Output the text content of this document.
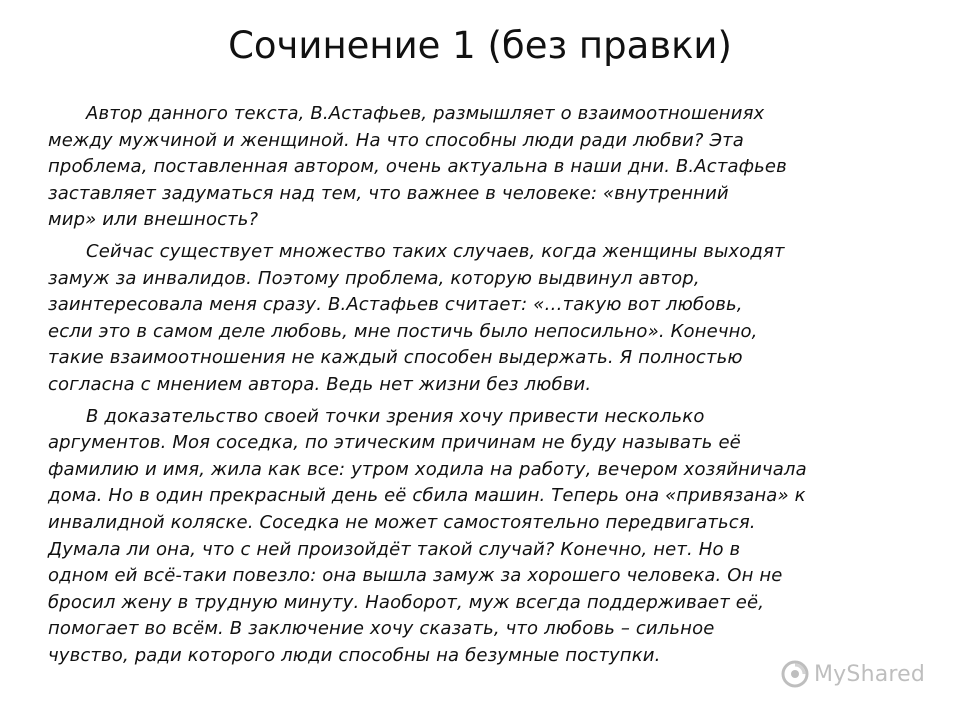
Сочинение 1 (без правки)

Автор данного текста, В.Астафьев, размышляет о взаимоотношениях
между мужчиной и женщиной. На что способны люди ради любви? Эта
проблема, поставленная автором, очень актуальна в наши дни. В.Астафьев
заставляет задуматься над тем, что важнее в человеке: «внутренний
мир» или внешность?

Сейчас существует множество таких случаев, когда женщины выходят
замуж за инвалидов. Поэтому проблема, которую выдвинул автор,
заинтересовала меня сразу. В.Астафьев считает: «…такую вот любовь,
если это в самом деле любовь, мне постичь было непосильно». Конечно,
такие взаимоотношения не каждый способен выдержать. Я полностью
согласна с мнением автора. Ведь нет жизни без любви.

В доказательство своей точки зрения хочу привести несколько
аргументов. Моя соседка, по этическим причинам не буду называть её
фамилию и имя, жила как все: утром ходила на работу, вечером хозяйничала
дома. Но в один прекрасный день её сбила машин. Теперь она «привязана» к
инвалидной коляске. Соседка не может самостоятельно передвигаться.
Думала ли она, что с ней произойдёт такой случай? Конечно, нет. Но в
одном ей всё-таки повезло: она вышла замуж за хорошего человека. Он не
бросил жену в трудную минуту. Наоборот, муж всегда поддерживает её,
помогает во всём. В заключение хочу сказать, что любовь – сильное
чувство, ради которого люди способны на безумные поступки.

MyShared
